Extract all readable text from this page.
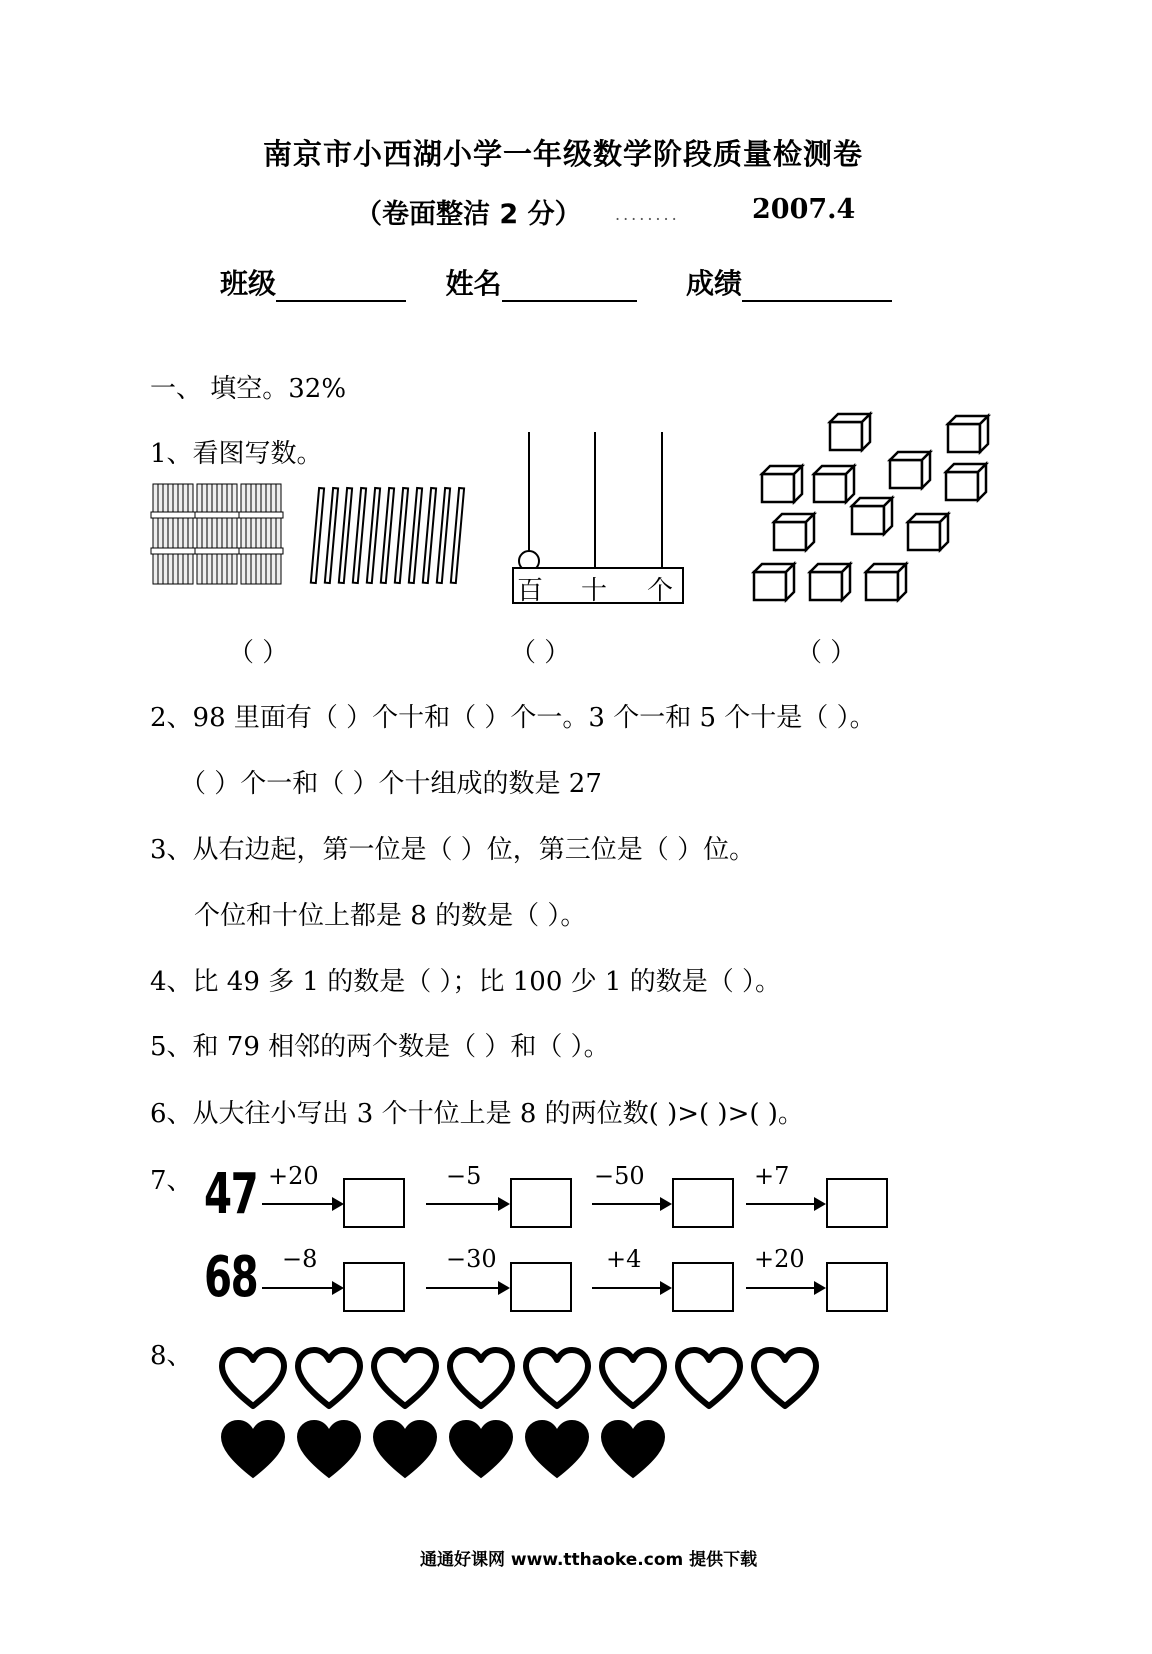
南京市小西湖小学一年级数学阶段质量检测卷
（卷面整洁 2 分） ........	2007.4
班级	姓名	成绩
一、 填空。32%
1、看图写数。
百 十 个
（ ）	（ ）	（ ）
2、98 里面有（ ）个十和（ ）个一。3 个一和 5 个十是（ ）。
（ ）个一和（ ）个十组成的数是 27
3、从右边起，第一位是（ ）位，第三位是（ ）位。
个位和十位上都是 8 的数是（ ）。
4、比 49 多 1 的数是（ ）；比 100 少 1 的数是（ ）。
5、和 79 相邻的两个数是（ ）和（ ）。
6、从大往小写出 3 个十位上是 8 的两位数( )>( )>( )。
7、 47 +20	−5	−50	+7
68 −8	−30	+4	+20
8、
通通好课网 www.tthaoke.com 提供下载
